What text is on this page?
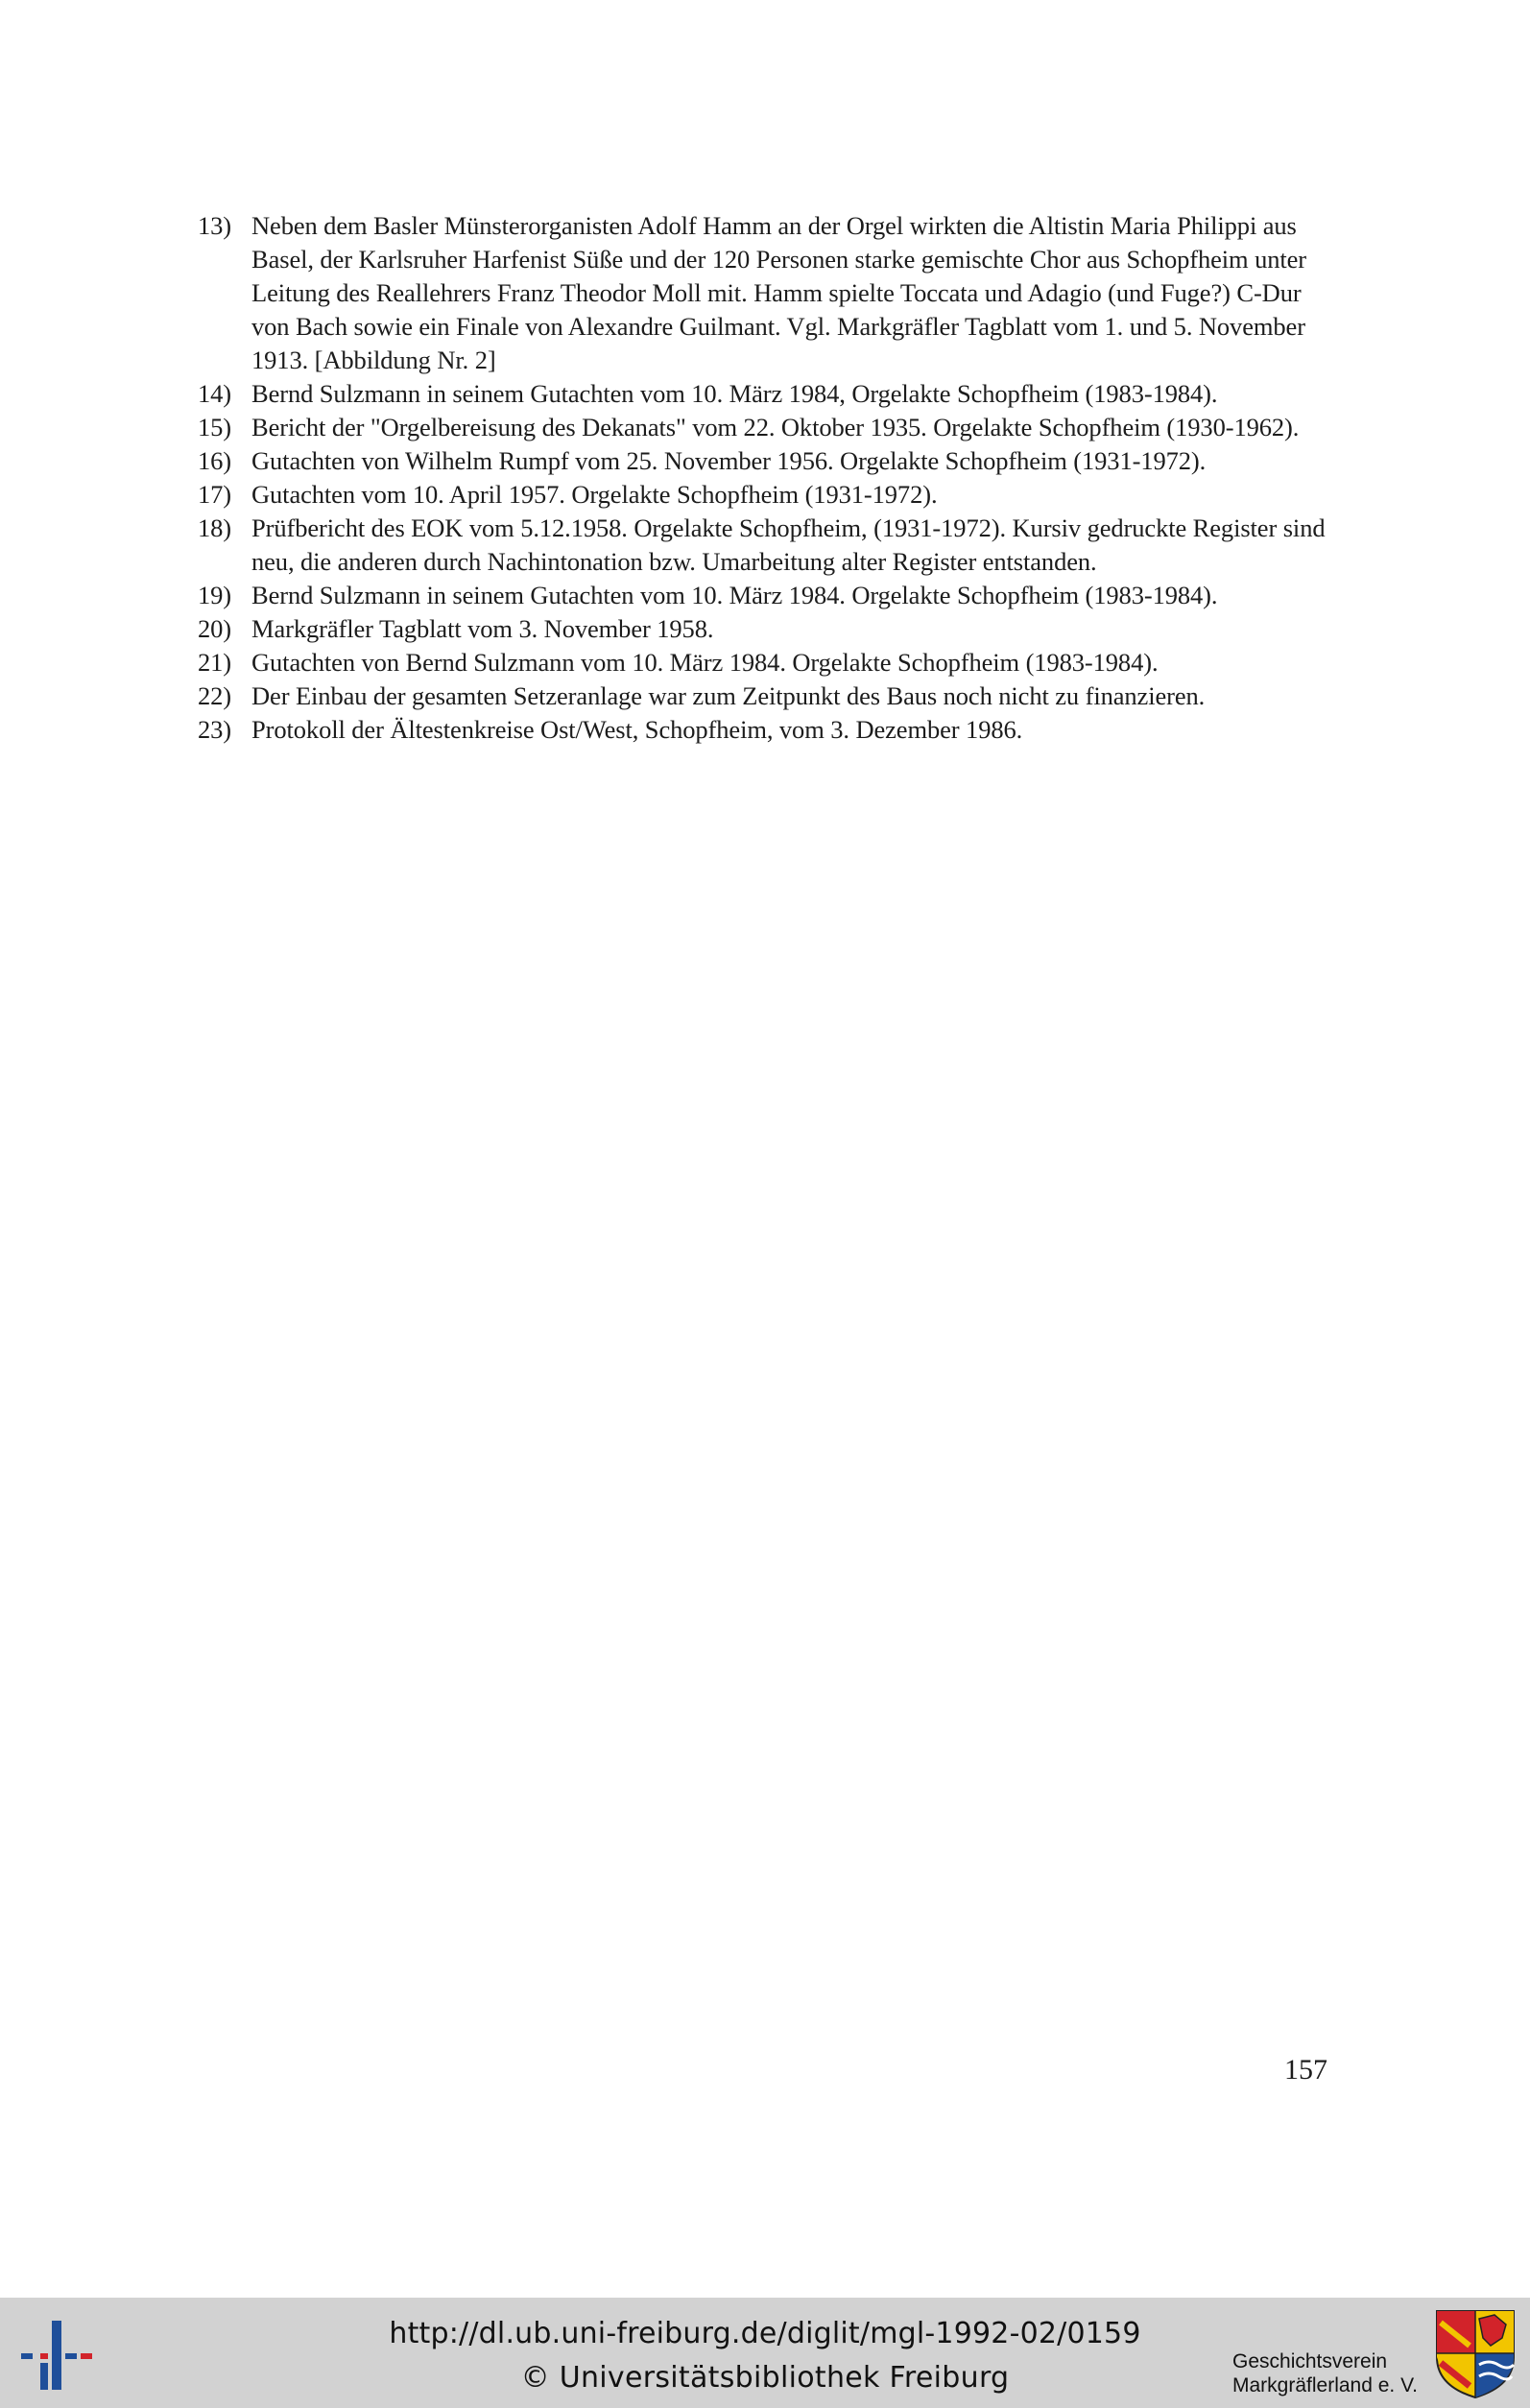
13) Neben dem Basler Münsterorganisten Adolf Hamm an der Orgel wirkten die Altistin Maria Philippi aus Basel, der Karlsruher Harfenist Süße und der 120 Personen starke gemischte Chor aus Schopfheim unter Leitung des Reallehrers Franz Theodor Moll mit. Hamm spielte Toccata und Adagio (und Fuge?) C-Dur von Bach sowie ein Finale von Alexandre Guilmant. Vgl. Markgräfler Tagblatt vom 1. und 5. November 1913. [Abbildung Nr. 2]
14) Bernd Sulzmann in seinem Gutachten vom 10. März 1984, Orgelakte Schopfheim (1983-1984).
15) Bericht der "Orgelbereisung des Dekanats" vom 22. Oktober 1935. Orgelakte Schopfheim (1930-1962).
16) Gutachten von Wilhelm Rumpf vom 25. November 1956. Orgelakte Schopfheim (1931-1972).
17) Gutachten vom 10. April 1957. Orgelakte Schopfheim (1931-1972).
18) Prüfbericht des EOK vom 5.12.1958. Orgelakte Schopfheim, (1931-1972). Kursiv gedruckte Register sind neu, die anderen durch Nachintonation bzw. Umarbeitung alter Register entstanden.
19) Bernd Sulzmann in seinem Gutachten vom 10. März 1984. Orgelakte Schopfheim (1983-1984).
20) Markgräfler Tagblatt vom 3. November 1958.
21) Gutachten von Bernd Sulzmann vom 10. März 1984. Orgelakte Schopfheim (1983-1984).
22) Der Einbau der gesamten Setzeranlage war zum Zeitpunkt des Baus noch nicht zu finanzieren.
23) Protokoll der Ältestenkreise Ost/West, Schopfheim, vom 3. Dezember 1986.
157
http://dl.ub.uni-freiburg.de/diglit/mgl-1992-02/0159
© Universitätsbibliothek Freiburg	Geschichtsverein
Markgräflerland e. V.
